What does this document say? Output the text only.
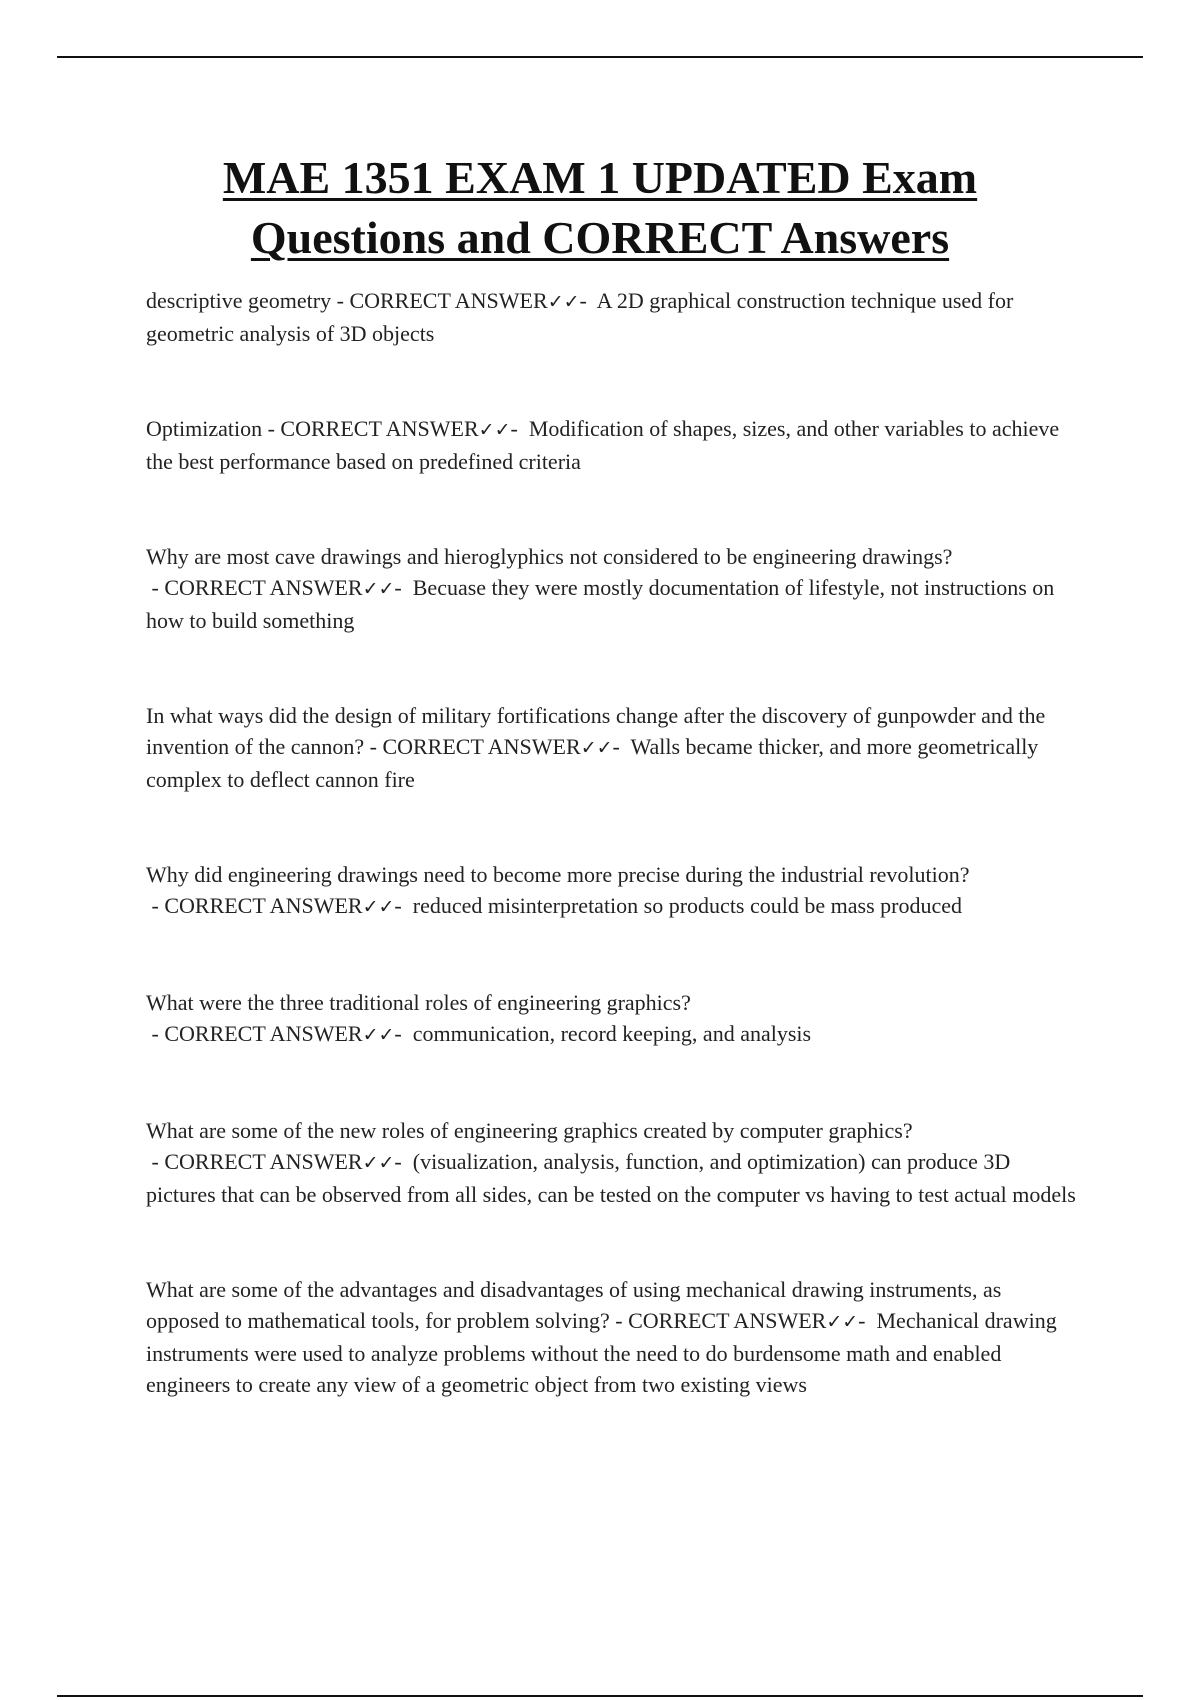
MAE 1351 EXAM 1 UPDATED Exam
Questions and CORRECT Answers

descriptive geometry - CORRECT ANSWER✓✓-  A 2D graphical construction technique used for geometric analysis of 3D objects

Optimization - CORRECT ANSWER✓✓-  Modification of shapes, sizes, and other variables to achieve the best performance based on predefined criteria

Why are most cave drawings and hieroglyphics not considered to be engineering drawings? - CORRECT ANSWER✓✓-  Becuase they were mostly documentation of lifestyle, not instructions on how to build something

In what ways did the design of military fortifications change after the discovery of gunpowder and the invention of the cannon? - CORRECT ANSWER✓✓-  Walls became thicker, and more geometrically complex to deflect cannon fire

Why did engineering drawings need to become more precise during the industrial revolution? - CORRECT ANSWER✓✓-  reduced misinterpretation so products could be mass produced

What were the three traditional roles of engineering graphics? - CORRECT ANSWER✓✓-  communication, record keeping, and analysis

What are some of the new roles of engineering graphics created by computer graphics? - CORRECT ANSWER✓✓-  (visualization, analysis, function, and optimization) can produce 3D pictures that can be observed from all sides, can be tested on the computer vs having to test actual models

What are some of the advantages and disadvantages of using mechanical drawing instruments, as opposed to mathematical tools, for problem solving? - CORRECT ANSWER✓✓-  Mechanical drawing instruments were used to analyze problems without the need to do burdensome math and enabled engineers to create any view of a geometric object from two existing views
